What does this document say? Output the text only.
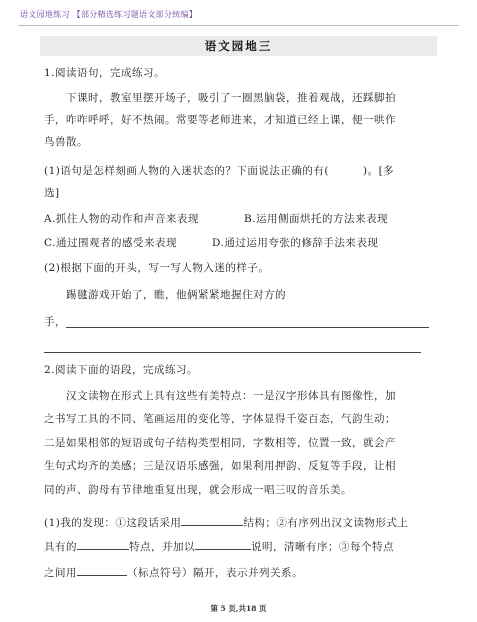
语文园地练习 【部分精选练习题语文部分统编】
语文园地三
1.阅读语句，完成练习。
下课时，教室里摆开场子，吸引了一圈黑脑袋，推着观战，还踩脚拍
手，咋咋呼呼，好不热闹。常要等老师进来，才知道已经上课，便一哄作
鸟兽散。
(1)语句是怎样刻画人物的入迷状态的？下面说法正确的有(	)。[多
选]
A.抓住人物的动作和声音来表现	B.运用侧面烘托的方法来表现
C.通过围观者的感受来表现	D.通过运用夸张的修辞手法来表现
(2)根据下面的开头，写一写人物入迷的样子。
踢毽游戏开始了，瞧，他俩紧紧地握住对方的
手，
2.阅读下面的语段，完成练习。
汉文读物在形式上具有这些有美特点：一是汉字形体具有图像性，加
之书写工具的不同、笔画运用的变化等，字体显得千姿百态，气韵生动；
二是如果相邻的短语或句子结构类型相同，字数相等，位置一致，就会产
生句式均齐的美感；三是汉语乐感强，如果利用押韵、反复等手段，让相
同的声、韵母有节律地重复出现，就会形成一唱三叹的音乐美。
(1)我的发现：①这段话采用	结构；②有序列出汉文读物形式上
具有的	特点，并加以	说明，清晰有序；③每个特点
之间用	（标点符号）隔开，表示并列关系。
第 5 页,共18 页
